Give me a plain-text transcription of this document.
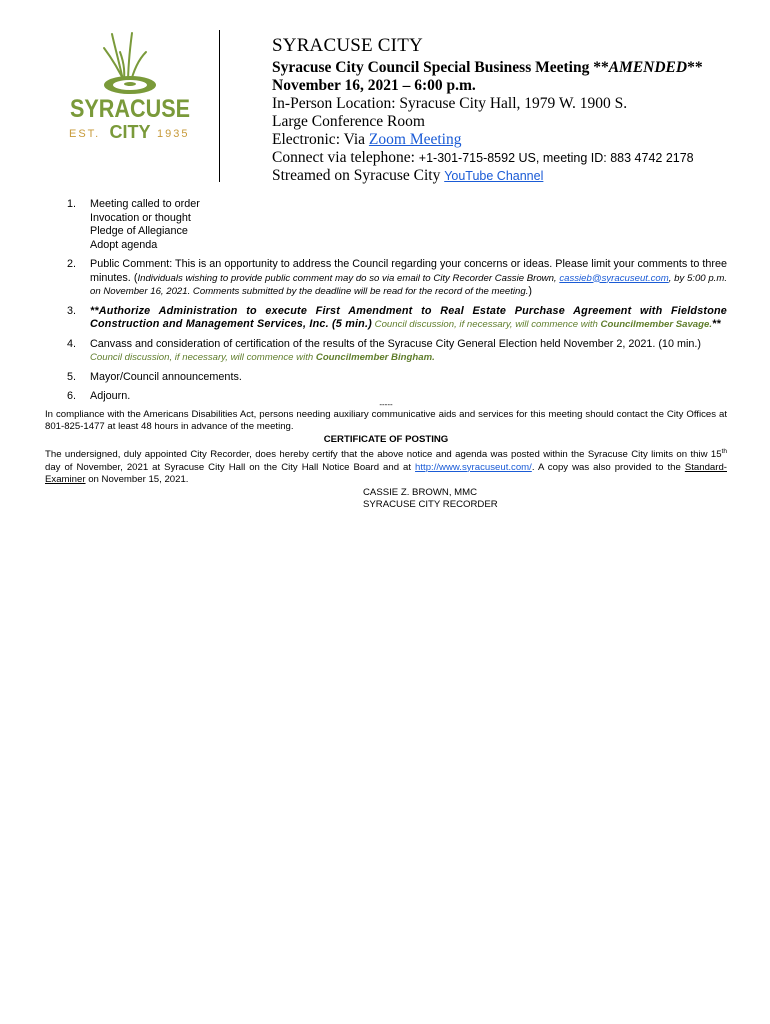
SYRACUSE
EST. CITY 1935
SYRACUSE CITY
Syracuse City Council Special Business Meeting **AMENDED**
November 16, 2021 – 6:00 p.m.
In-Person Location: Syracuse City Hall, 1979 W. 1900 S.
Large Conference Room
Electronic: Via Zoom Meeting
Connect via telephone: +1-301-715-8592 US, meeting ID: 883 4742 2178
Streamed on Syracuse City YouTube Channel
1.	Meeting called to order
Invocation or thought
Pledge of Allegiance
Adopt agenda
2.	Public Comment: This is an opportunity to address the Council regarding your concerns or ideas. Please limit your comments to three minutes. (Individuals wishing to provide public comment may do so via email to City Recorder Cassie Brown, cassieb@syracuseut.com, by 5:00 p.m. on November 16, 2021. Comments submitted by the deadline will be read for the record of the meeting.)
3.	**Authorize Administration to execute First Amendment to Real Estate Purchase Agreement with Fieldstone Construction and Management Services, Inc. (5 min.) Council discussion, if necessary, will commence with Councilmember Savage.**
4.	Canvass and consideration of certification of the results of the Syracuse City General Election held November 2, 2021. (10 min.)
Council discussion, if necessary, will commence with Councilmember Bingham.
5.	Mayor/Council announcements.
6.	Adjourn.
-----
In compliance with the Americans Disabilities Act, persons needing auxiliary communicative aids and services for this meeting should contact the City Offices at 801-825-1477 at least 48 hours in advance of the meeting.
CERTIFICATE OF POSTING
The undersigned, duly appointed City Recorder, does hereby certify that the above notice and agenda was posted within the Syracuse City limits on thiw 15th day of November, 2021 at Syracuse City Hall on the City Hall Notice Board and at http://www.syracuseut.com/. A copy was also provided to the Standard-Examiner on November 15, 2021.
CASSIE Z. BROWN, MMC
SYRACUSE CITY RECORDER
